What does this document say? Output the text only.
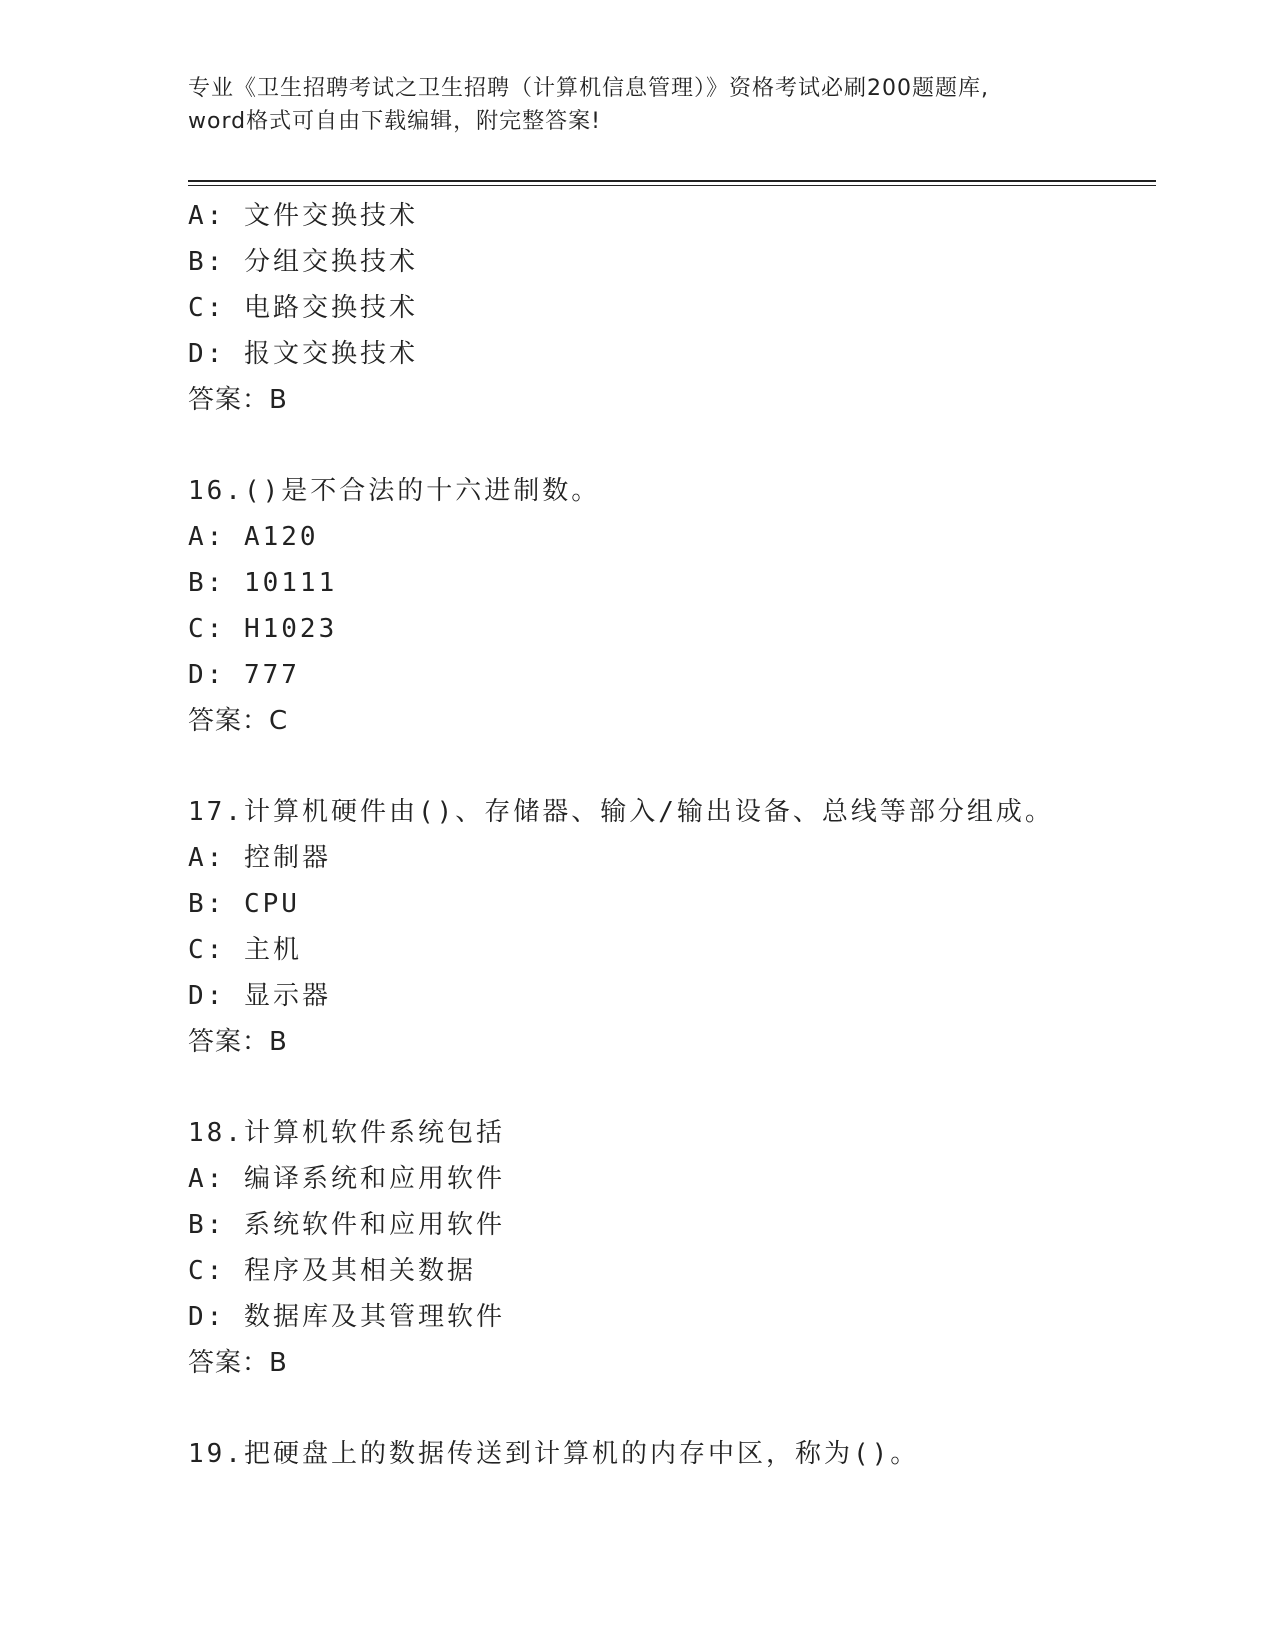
专业《卫生招聘考试之卫生招聘（计算机信息管理）》资格考试必刷200题题库,
word格式可自由下载编辑，附完整答案!
A: 文件交换技术
B: 分组交换技术
C: 电路交换技术
D: 报文交换技术
答案：B
16.()是不合法的十六进制数。
A: A120
B: 10111
C: H1023
D: 777
答案：C
17.计算机硬件由()、存储器、输入/输出设备、总线等部分组成。
A: 控制器
B: CPU
C: 主机
D: 显示器
答案：B
18.计算机软件系统包括
A: 编译系统和应用软件
B: 系统软件和应用软件
C: 程序及其相关数据
D: 数据库及其管理软件
答案：B
19.把硬盘上的数据传送到计算机的内存中区，称为()。
